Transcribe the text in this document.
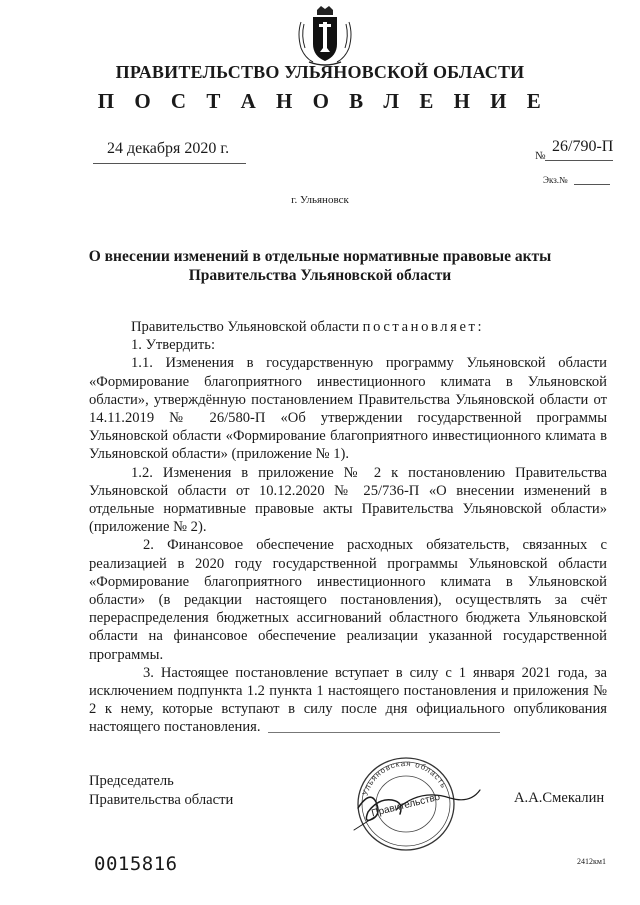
ПРАВИТЕЛЬСТВО УЛЬЯНОВСКОЙ ОБЛАСТИ
П О С Т А Н О В Л Е Н И Е
24 декабря 2020 г.	№
26/790-П
Экз.№
г. Ульяновск
О внесении изменений в отдельные нормативные правовые акты
Правительства Ульяновской области

Правительство Ульяновской области постановляет:

1. Утвердить:

1.1. Изменения в государственную программу Ульяновской области «Формирование благоприятного инвестиционного климата в Ульяновской области», утверждённую постановлением Правительства Ульяновской области от 14.11.2019 № 26/580-П «Об утверждении государственной программы Ульяновской области «Формирование благоприятного инвестиционного климата в Ульяновской области» (приложение № 1).

1.2. Изменения в приложение № 2 к постановлению Правительства Ульяновской области от 10.12.2020 № 25/736-П «О внесении изменений в отдельные нормативные правовые акты Правительства Ульяновской области» (приложение № 2).

2. Финансовое обеспечение расходных обязательств, связанных с реализацией в 2020 году государственной программы Ульяновской области «Формирование благоприятного инвестиционного климата в Ульяновской области» (в редакции настоящего постановления), осуществлять за счёт перераспределения бюджетных ассигнований областного бюджета Ульяновской области на финансовое обеспечение реализации указанной государственной программы.

3. Настоящее постановление вступает в силу с 1 января 2021 года, за исключением подпункта 1.2 пункта 1 настоящего постановления и приложения № 2 к нему, которые вступают в силу после дня официального опубликования настоящего постановления.

Председатель
Правительства области	Ульяновская область
Правительство	А.А.Смекалин
0015816	2412км1
